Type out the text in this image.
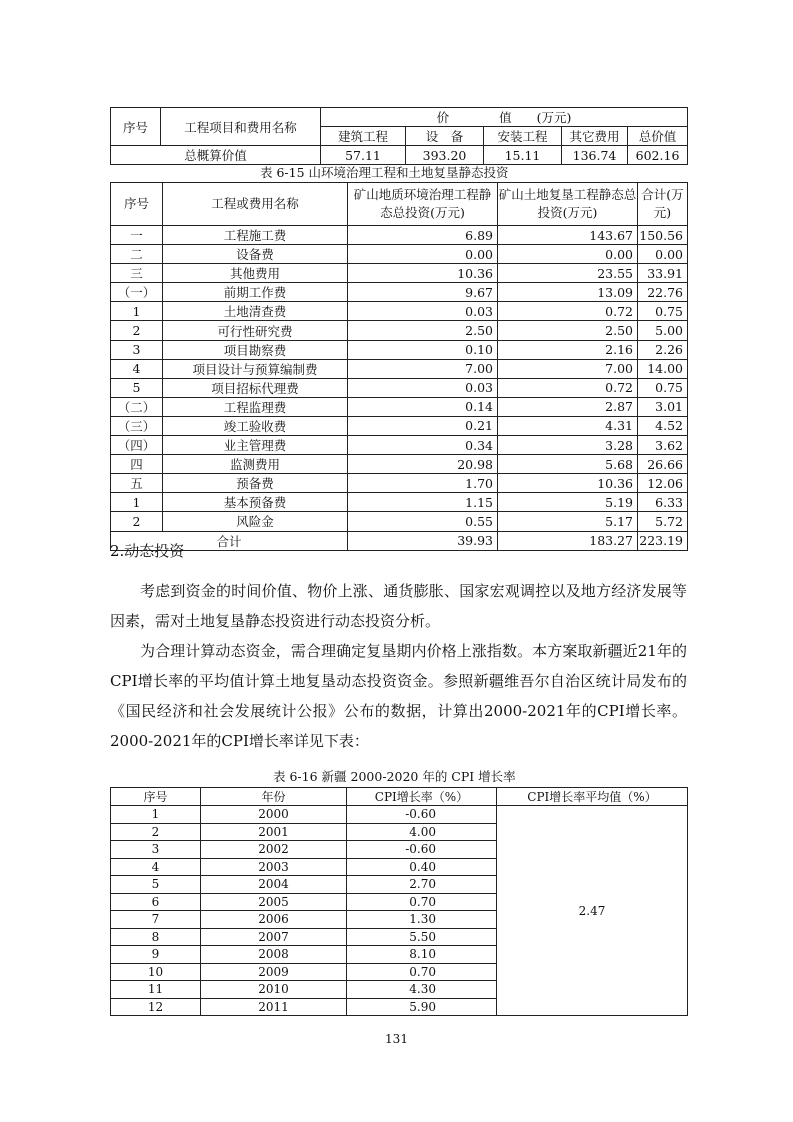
序号	工程项目和费用名称	价　　　　值　　(万元)				
		建筑工程	设　备	安装工程	其它费用	总价值
总概算价值		57.11	393.20	15.11	136.74	602.16
表 6-15 山环境治理工程和土地复垦静态投资
序号	工程或费用名称	矿山地质环境治理工程静态总投资(万元)	矿山土地复垦工程静态总投资(万元)	合计(万元)
一	工程施工费	6.89	143.67	150.56
二	设备费	0.00	0.00	0.00
三	其他费用	10.36	23.55	33.91
（一）	前期工作费	9.67	13.09	22.76
1	土地清查费	0.03	0.72	0.75
2	可行性研究费	2.50	2.50	5.00
3	项目勘察费	0.10	2.16	2.26
4	项目设计与预算编制费	7.00	7.00	14.00
5	项目招标代理费	0.03	0.72	0.75
（二）	工程监理费	0.14	2.87	3.01
（三）	竣工验收费	0.21	4.31	4.52
（四）	业主管理费	0.34	3.28	3.62
四	监测费用	20.98	5.68	26.66
五	预备费	1.70	10.36	12.06
1	基本预备费	1.15	5.19	6.33
2	风险金	0.55	5.17	5.72
合计		39.93	183.27	223.19
2.动态投资
考虑到资金的时间价值、物价上涨、通货膨胀、国家宏观调控以及地方经济发展等因素，需对土地复垦静态投资进行动态投资分析。
为合理计算动态资金，需合理确定复垦期内价格上涨指数。本方案取新疆近21年的CPI增长率的平均值计算土地复垦动态投资资金。参照新疆维吾尔自治区统计局发布的《国民经济和社会发展统计公报》公布的数据，计算出2000-2021年的CPI增长率。2000-2021年的CPI增长率详见下表：
表 6-16 新疆 2000-2020 年的 CPI 增长率
序号	年份	CPI增长率（%）	CPI增长率平均值（%）
1	2000	-0.60	2.47
2	2001	4.00	
3	2002	-0.60	
4	2003	0.40	
5	2004	2.70	
6	2005	0.70	
7	2006	1.30	
8	2007	5.50	
9	2008	8.10	
10	2009	0.70	
11	2010	4.30	
12	2011	5.90	
131
